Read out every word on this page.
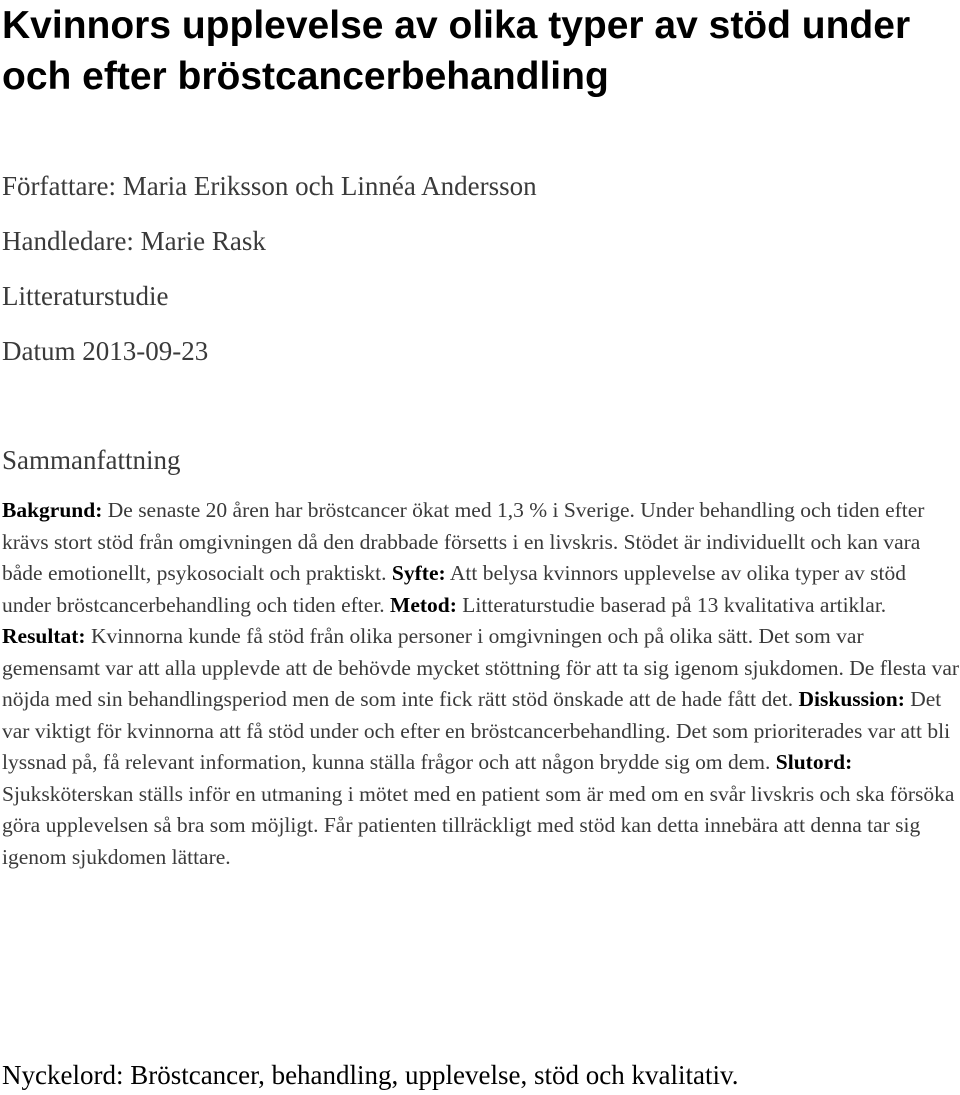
Kvinnors upplevelse av olika typer av stöd under och efter bröstcancerbehandling

Författare: Maria Eriksson och Linnéa Andersson

Handledare: Marie Rask

Litteraturstudie

Datum 2013-09-23

Sammanfattning

Bakgrund: De senaste 20 åren har bröstcancer ökat med 1,3 % i Sverige. Under behandling och tiden efter krävs stort stöd från omgivningen då den drabbade försetts i en livskris. Stödet är individuellt och kan vara både emotionellt, psykosocialt och praktiskt. Syfte: Att belysa kvinnors upplevelse av olika typer av stöd under bröstcancerbehandling och tiden efter. Metod: Litteraturstudie baserad på 13 kvalitativa artiklar. Resultat: Kvinnorna kunde få stöd från olika personer i omgivningen och på olika sätt. Det som var gemensamt var att alla upplevde att de behövde mycket stöttning för att ta sig igenom sjukdomen. De flesta var nöjda med sin behandlingsperiod men de som inte fick rätt stöd önskade att de hade fått det. Diskussion: Det var viktigt för kvinnorna att få stöd under och efter en bröstcancerbehandling. Det som prioriterades var att bli lyssnad på, få relevant information, kunna ställa frågor och att någon brydde sig om dem. Slutord: Sjuksköterskan ställs inför en utmaning i mötet med en patient som är med om en svår livskris och ska försöka göra upplevelsen så bra som möjligt. Får patienten tillräckligt med stöd kan detta innebära att denna tar sig igenom sjukdomen lättare.

Nyckelord: Bröstcancer, behandling, upplevelse, stöd och kvalitativ.
